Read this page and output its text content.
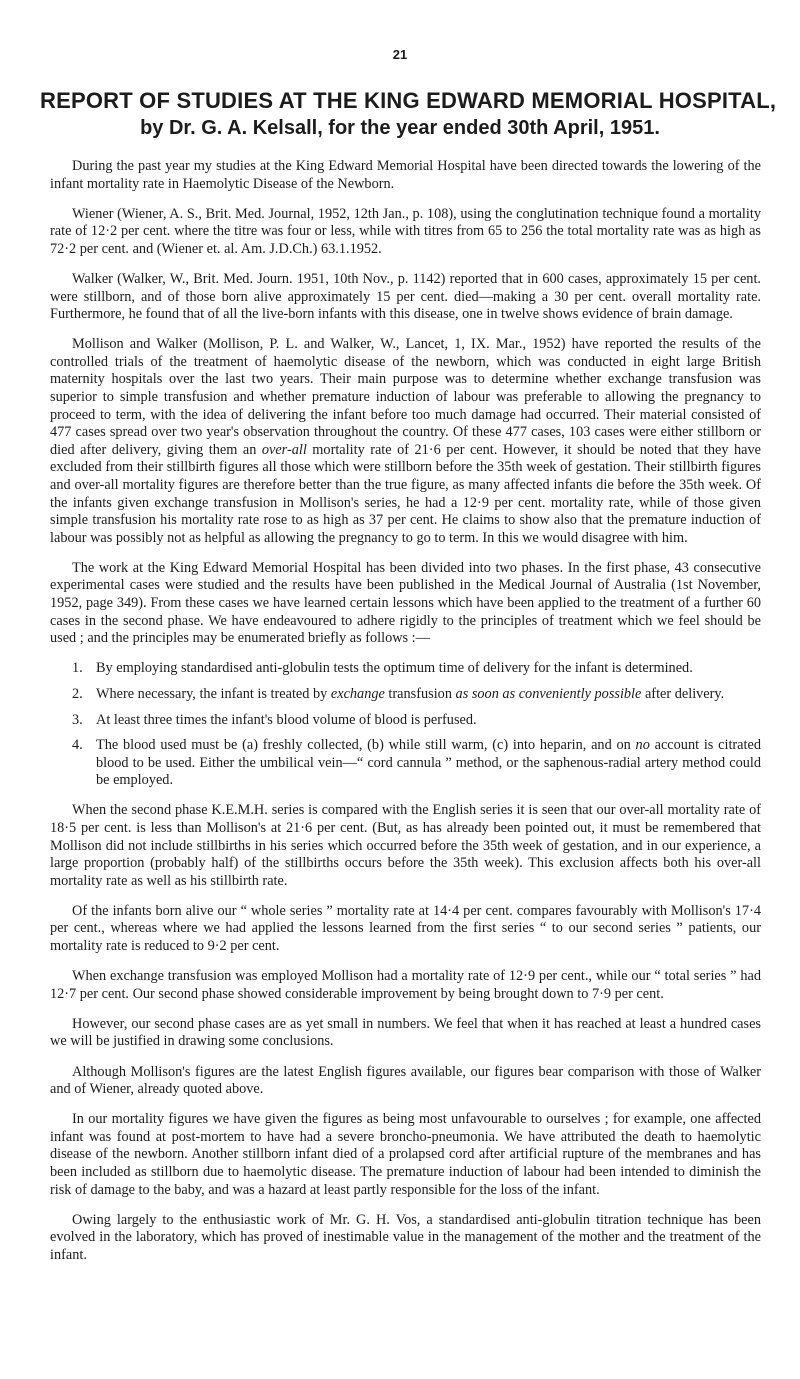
21
REPORT OF STUDIES AT THE KING EDWARD MEMORIAL HOSPITAL,
by Dr. G. A. Kelsall, for the year ended 30th April, 1951.

During the past year my studies at the King Edward Memorial Hospital have been directed towards the lowering of the infant mortality rate in Haemolytic Disease of the Newborn.

Wiener (Wiener, A. S., Brit. Med. Journal, 1952, 12th Jan., p. 108), using the conglutination technique found a mortality rate of 12·2 per cent. where the titre was four or less, while with titres from 65 to 256 the total mortality rate was as high as 72·2 per cent. and (Wiener et. al. Am. J.D.Ch.) 63.1.1952.

Walker (Walker, W., Brit. Med. Journ. 1951, 10th Nov., p. 1142) reported that in 600 cases, approximately 15 per cent. were stillborn, and of those born alive approximately 15 per cent. died—making a 30 per cent. overall mortality rate. Furthermore, he found that of all the live-born infants with this disease, one in twelve shows evidence of brain damage.

Mollison and Walker (Mollison, P. L. and Walker, W., Lancet, 1, IX. Mar., 1952) have reported the results of the controlled trials of the treatment of haemolytic disease of the newborn, which was conducted in eight large British maternity hospitals over the last two years. Their main purpose was to determine whether exchange transfusion was superior to simple transfusion and whether premature induction of labour was preferable to allowing the pregnancy to proceed to term, with the idea of delivering the infant before too much damage had occurred. Their material consisted of 477 cases spread over two year's observation throughout the country. Of these 477 cases, 103 cases were either stillborn or died after delivery, giving them an over-all mortality rate of 21·6 per cent. However, it should be noted that they have excluded from their stillbirth figures all those which were stillborn before the 35th week of gestation. Their stillbirth figures and over-all mortality figures are therefore better than the true figure, as many affected infants die before the 35th week. Of the infants given exchange transfusion in Mollison's series, he had a 12·9 per cent. mortality rate, while of those given simple transfusion his mortality rate rose to as high as 37 per cent. He claims to show also that the premature induction of labour was possibly not as helpful as allowing the pregnancy to go to term. In this we would disagree with him.

The work at the King Edward Memorial Hospital has been divided into two phases. In the first phase, 43 consecutive experimental cases were studied and the results have been published in the Medical Journal of Australia (1st November, 1952, page 349). From these cases we have learned certain lessons which have been applied to the treatment of a further 60 cases in the second phase. We have endeavoured to adhere rigidly to the principles of treatment which we feel should be used ; and the principles may be enumerated briefly as follows :—

1. By employing standardised anti-globulin tests the optimum time of delivery for the infant is determined.
2. Where necessary, the infant is treated by exchange transfusion as soon as conveniently possible after delivery.
3. At least three times the infant's blood volume of blood is perfused.
4. The blood used must be (a) freshly collected, (b) while still warm, (c) into heparin, and on no account is citrated blood to be used. Either the umbilical vein—“ cord cannula ” method, or the saphenous-radial artery method could be employed.

When the second phase K.E.M.H. series is compared with the English series it is seen that our over-all mortality rate of 18·5 per cent. is less than Mollison's at 21·6 per cent. (But, as has already been pointed out, it must be remembered that Mollison did not include stillbirths in his series which occurred before the 35th week of gestation, and in our experience, a large proportion (probably half) of the stillbirths occurs before the 35th week). This exclusion affects both his over-all mortality rate as well as his stillbirth rate.

Of the infants born alive our “ whole series ” mortality rate at 14·4 per cent. compares favourably with Mollison's 17·4 per cent., whereas where we had applied the lessons learned from the first series “ to our second series ” patients, our mortality rate is reduced to 9·2 per cent.

When exchange transfusion was employed Mollison had a mortality rate of 12·9 per cent., while our “ total series ” had 12·7 per cent. Our second phase showed considerable improvement by being brought down to 7·9 per cent.

However, our second phase cases are as yet small in numbers. We feel that when it has reached at least a hundred cases we will be justified in drawing some conclusions.

Although Mollison's figures are the latest English figures available, our figures bear comparison with those of Walker and of Wiener, already quoted above.

In our mortality figures we have given the figures as being most unfavourable to ourselves ; for example, one affected infant was found at post-mortem to have had a severe broncho-pneumonia. We have attributed the death to haemolytic disease of the newborn. Another stillborn infant died of a prolapsed cord after artificial rupture of the membranes and has been included as stillborn due to haemolytic disease. The premature induction of labour had been intended to diminish the risk of damage to the baby, and was a hazard at least partly responsible for the loss of the infant.

Owing largely to the enthusiastic work of Mr. G. H. Vos, a standardised anti-globulin titration technique has been evolved in the laboratory, which has proved of inestimable value in the management of the mother and the treatment of the infant.
